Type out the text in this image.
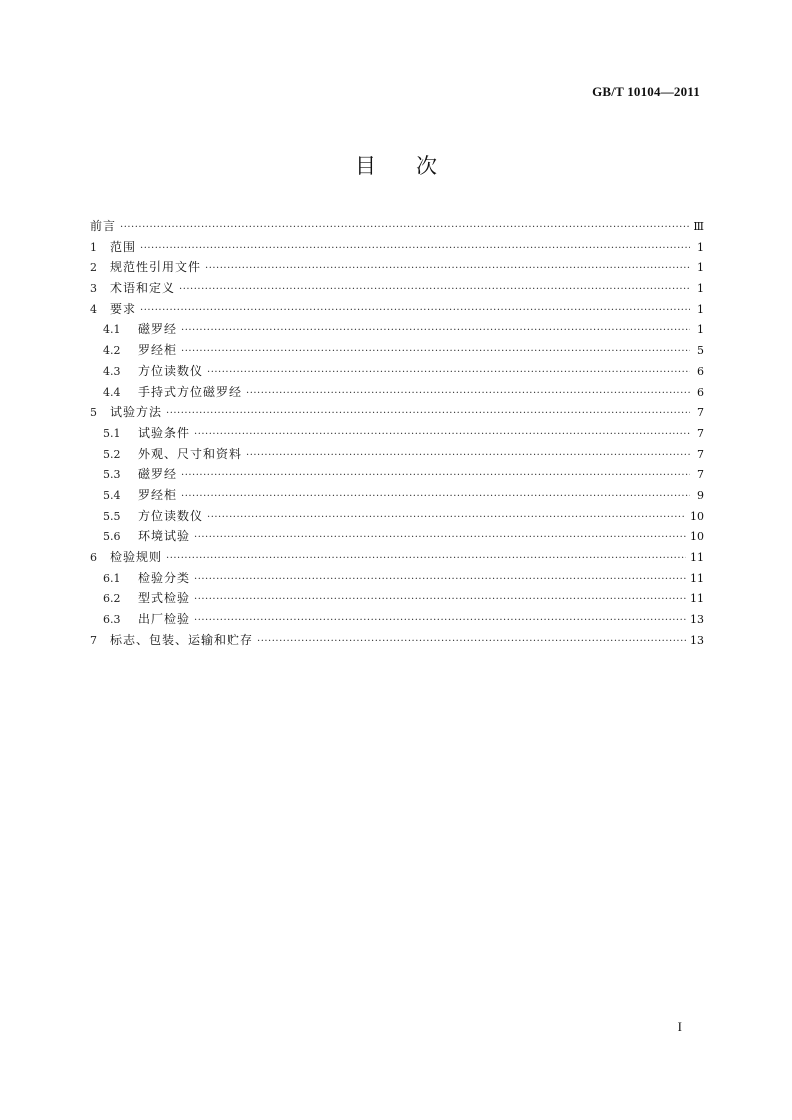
GB/T 10104—2011
目次
前言 ·····	Ⅲ
1	范围 ·····	1
2	规范性引用文件 ·····	1
3	术语和定义 ·····	1
4	要求 ·····	1
4.1	磁罗经 ·····	1
4.2	罗经柜 ·····	5
4.3	方位读数仪 ·····	6
4.4	手持式方位磁罗经 ·····	6
5	试验方法 ·····	7
5.1	试验条件 ·····	7
5.2	外观、尺寸和资料 ·····	7
5.3	磁罗经 ·····	7
5.4	罗经柜 ·····	9
5.5	方位读数仪 ·····	10
5.6	环境试验 ·····	10
6	检验规则 ·····	11
6.1	检验分类 ·····	11
6.2	型式检验 ·····	11
6.3	出厂检验 ·····	13
7	标志、包装、运输和贮存 ·····	13
I
